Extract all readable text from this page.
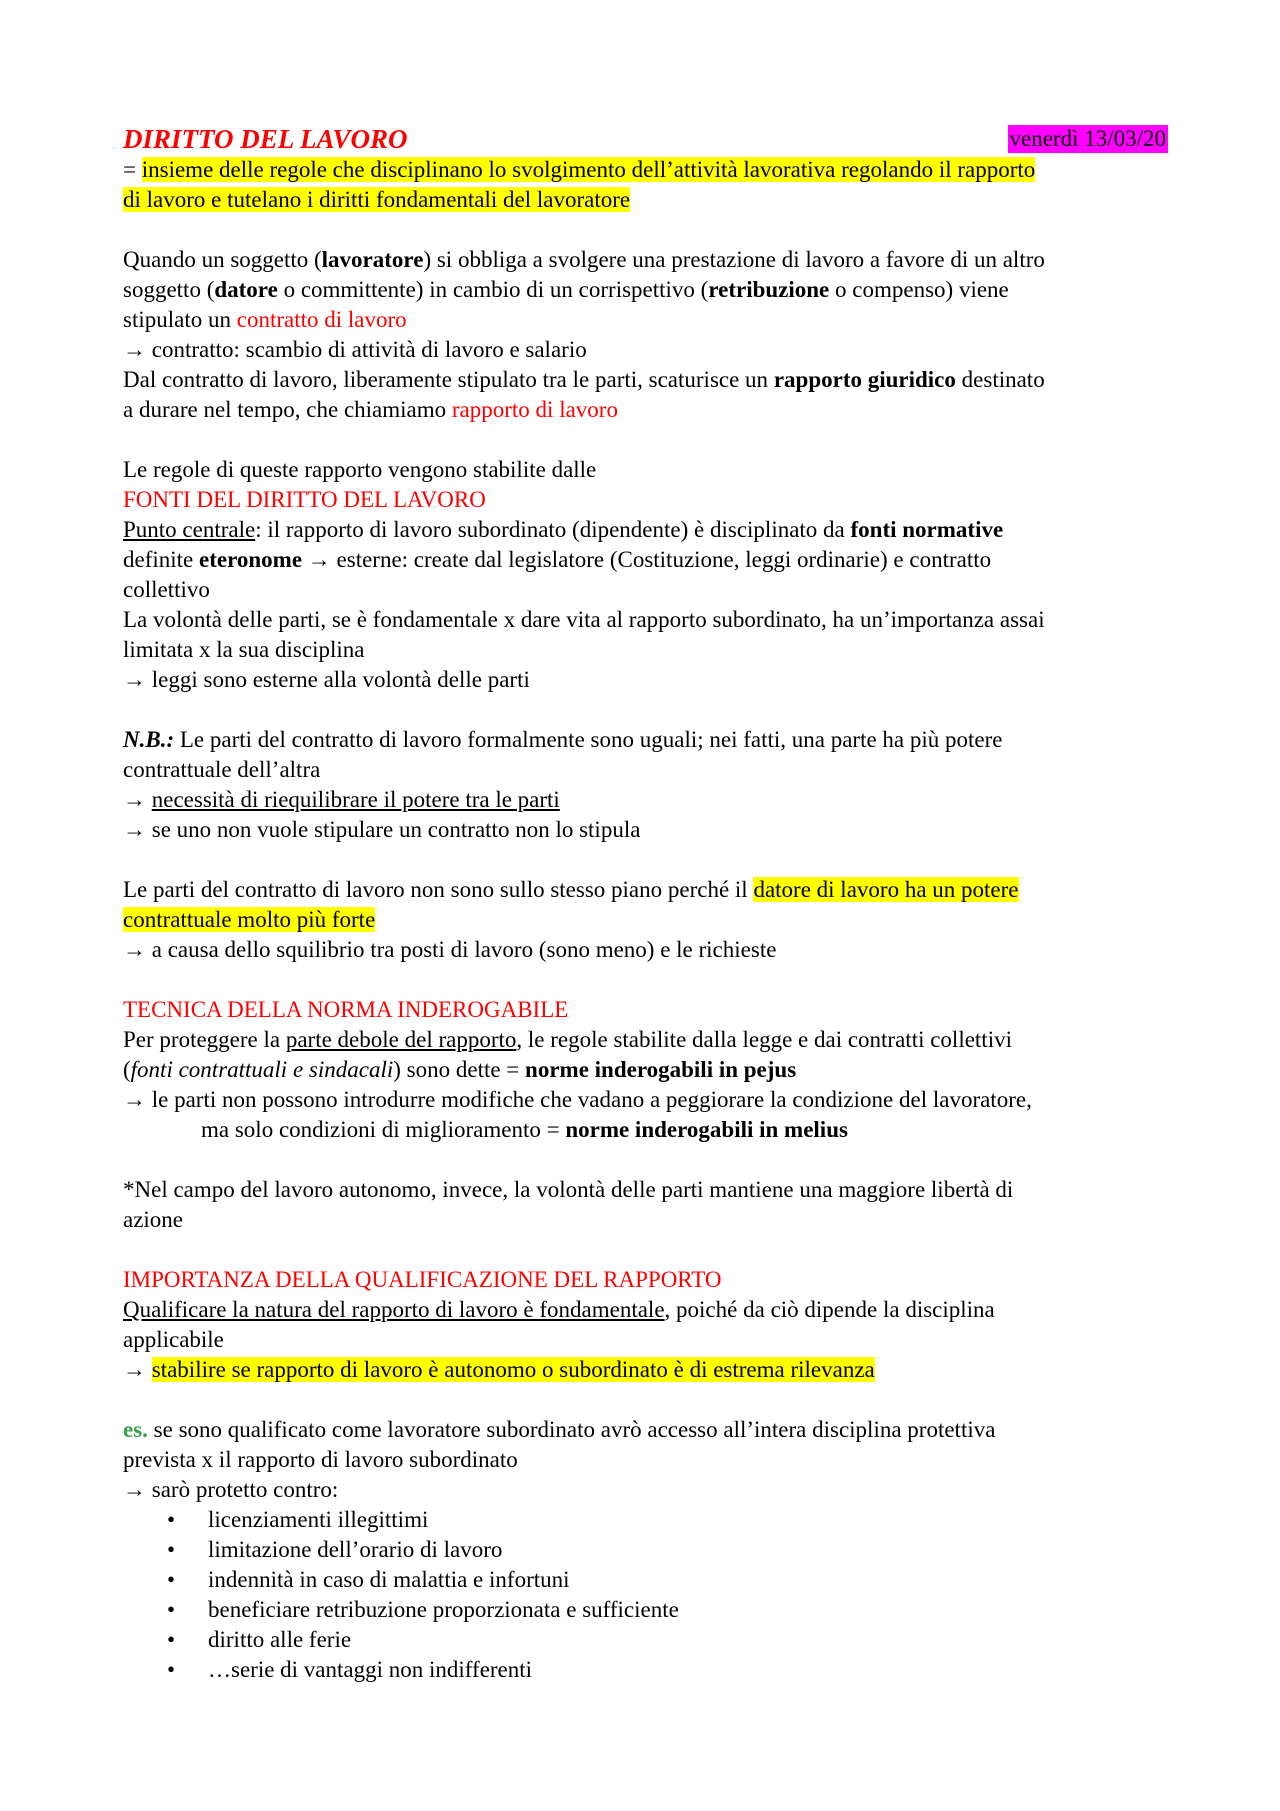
DIRITTO DEL LAVORO	venerdì 13/03/20
= insieme delle regole che disciplinano lo svolgimento dell’attività lavorativa regolando il rapporto
di lavoro e tutelano i diritti fondamentali del lavoratore
Quando un soggetto (lavoratore) si obbliga a svolgere una prestazione di lavoro a favore di un altro
soggetto (datore o committente) in cambio di un corrispettivo (retribuzione o compenso) viene
stipulato un contratto di lavoro
→ contratto: scambio di attività di lavoro e salario
Dal contratto di lavoro, liberamente stipulato tra le parti, scaturisce un rapporto giuridico destinato
a durare nel tempo, che chiamiamo rapporto di lavoro
Le regole di queste rapporto vengono stabilite dalle
FONTI DEL DIRITTO DEL LAVORO
Punto centrale: il rapporto di lavoro subordinato (dipendente) è disciplinato da fonti normative
definite eteronome → esterne: create dal legislatore (Costituzione, leggi ordinarie) e contratto
collettivo
La volontà delle parti, se è fondamentale x dare vita al rapporto subordinato, ha un’importanza assai
limitata x la sua disciplina
→ leggi sono esterne alla volontà delle parti
N.B.: Le parti del contratto di lavoro formalmente sono uguali; nei fatti, una parte ha più potere
contrattuale dell’altra
→ necessità di riequilibrare il potere tra le parti
→ se uno non vuole stipulare un contratto non lo stipula
Le parti del contratto di lavoro non sono sullo stesso piano perché il datore di lavoro ha un potere
contrattuale molto più forte
→ a causa dello squilibrio tra posti di lavoro (sono meno) e le richieste
TECNICA DELLA NORMA INDEROGABILE
Per proteggere la parte debole del rapporto, le regole stabilite dalla legge e dai contratti collettivi
(fonti contrattuali e sindacali) sono dette = norme inderogabili in pejus
→ le parti non possono introdurre modifiche che vadano a peggiorare la condizione del lavoratore,
ma solo condizioni di miglioramento = norme inderogabili in melius
*Nel campo del lavoro autonomo, invece, la volontà delle parti mantiene una maggiore libertà di
azione
IMPORTANZA DELLA QUALIFICAZIONE DEL RAPPORTO
Qualificare la natura del rapporto di lavoro è fondamentale, poiché da ciò dipende la disciplina
applicabile
→ stabilire se rapporto di lavoro è autonomo o subordinato è di estrema rilevanza
es. se sono qualificato come lavoratore subordinato avrò accesso all’intera disciplina protettiva
prevista x il rapporto di lavoro subordinato
→ sarò protetto contro:
• licenziamenti illegittimi
• limitazione dell’orario di lavoro
• indennità in caso di malattia e infortuni
• beneficiare retribuzione proporzionata e sufficiente
• diritto alle ferie
• …serie di vantaggi non indifferenti
